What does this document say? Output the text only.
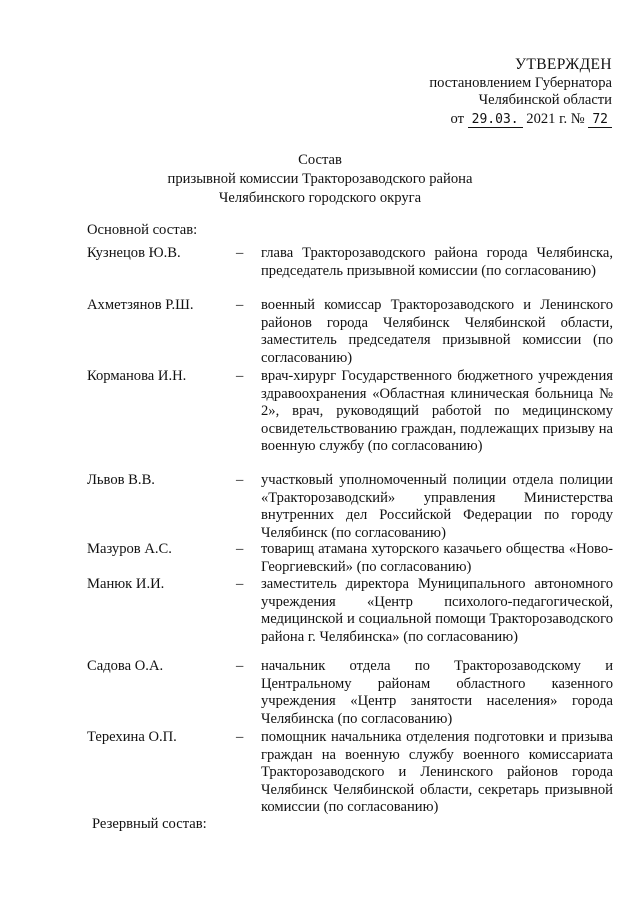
УТВЕРЖДЕН
постановлением Губернатора
Челябинской области
от 29.03. 2021 г. № 72
Состав
призывной комиссии Тракторозаводского района
Челябинского городского округа
Основной состав:
Кузнецов Ю.В.	–	глава Тракторозаводского района города Челябинска, председатель призывной комиссии (по согласованию)
Ахметзянов Р.Ш.	–	военный комиссар Тракторозаводского и Ленинского районов города Челябинск Челябинской области, заместитель председателя призывной комиссии (по согласованию)
Корманова И.Н.	–	врач-хирург Государственного бюджетного учреждения здравоохранения «Областная клиническая больница № 2», врач, руководящий работой по медицинскому освидетельствованию граждан, подлежащих призыву на военную службу (по согласованию)
Львов В.В.	–	участковый уполномоченный полиции отдела полиции «Тракторозаводский» управления Министерства внутренних дел Российской Федерации по городу Челябинск (по согласованию)
Мазуров А.С.	–	товарищ атамана хуторского казачьего общества «Ново-Георгиевский» (по согласованию)
Манюк И.И.	–	заместитель директора Муниципального автономного учреждения «Центр психолого-педагогической, медицинской и социальной помощи Тракторозаводского района г. Челябинска» (по согласованию)
Садова О.А.	–	начальник отдела по Тракторозаводскому и Центральному районам областного казенного учреждения «Центр занятости населения» города Челябинска (по согласованию)
Терехина О.П.	–	помощник начальника отделения подготовки и призыва граждан на военную службу военного комиссариата Тракторозаводского и Ленинского районов города Челябинск Челябинской области, секретарь призывной комиссии (по согласованию)
Резервный состав:
